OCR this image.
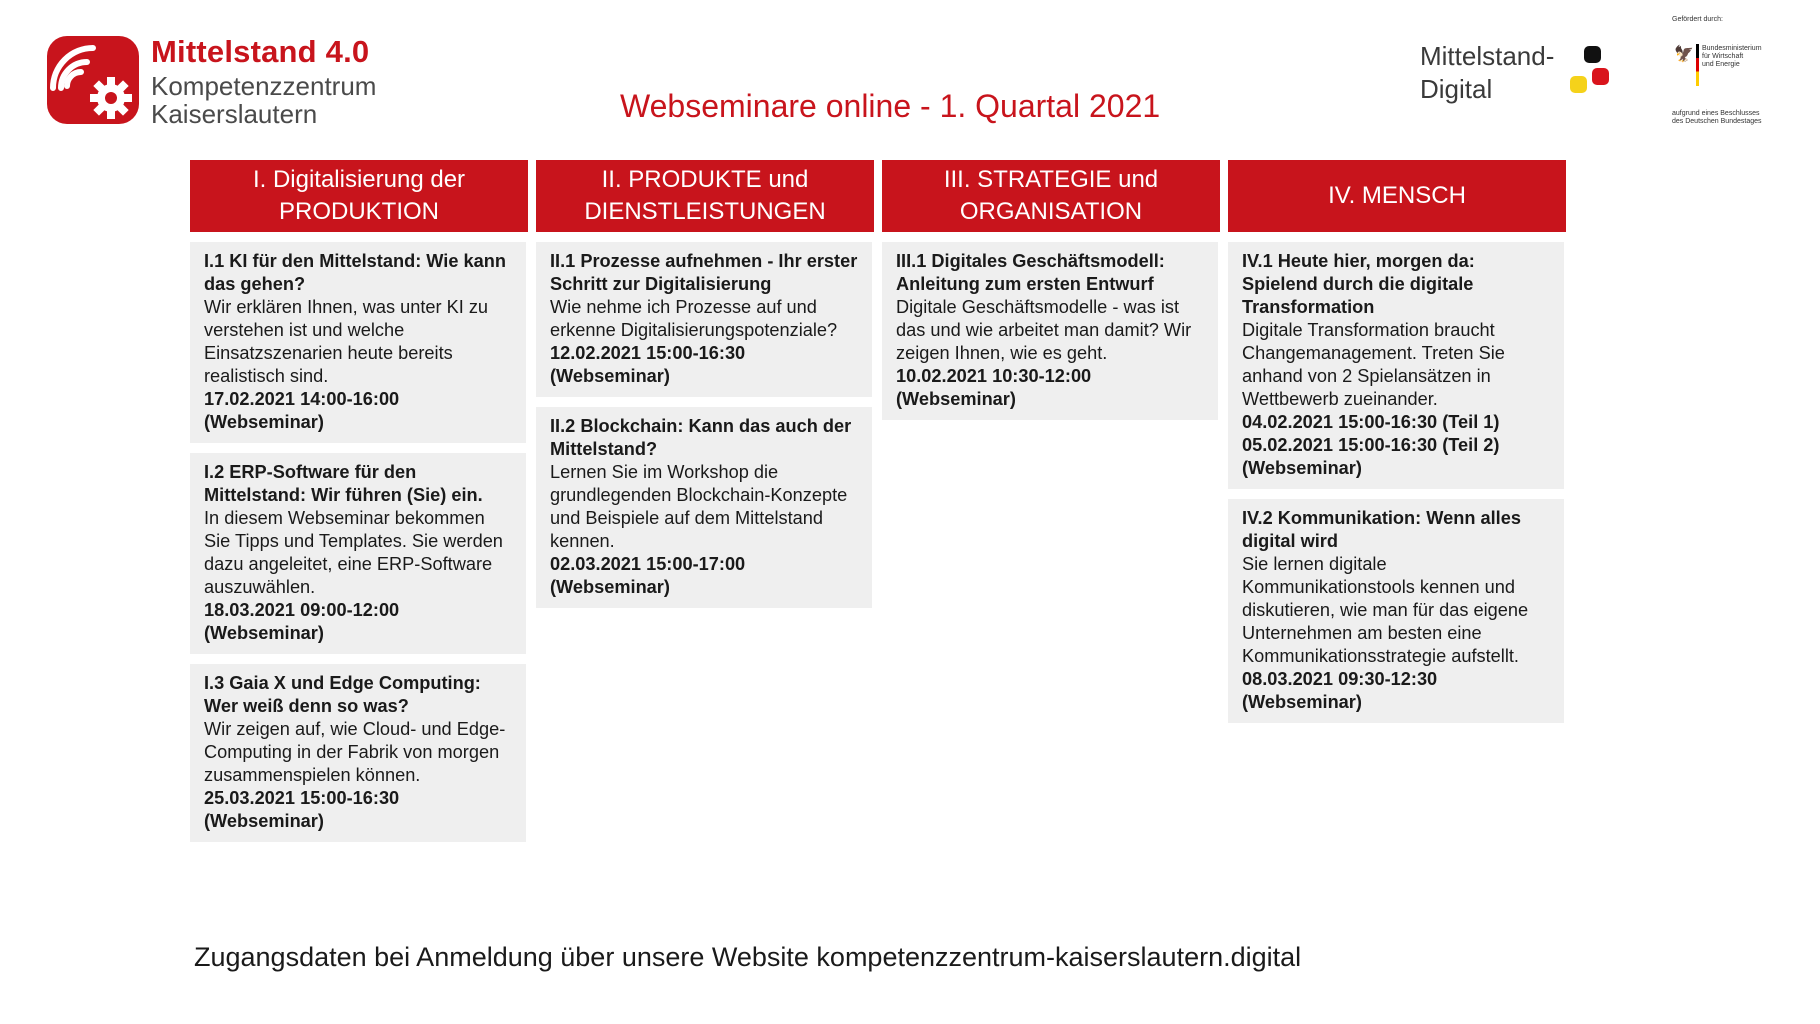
Mittelstand 4.0
Kompetenzzentrum
Kaiserslautern	Webseminare online - 1. Quartal 2021
Mittelstand-
Digital
Gefördert durch:
🦅 Bundesministerium
für Wirtschaft
und Energie
aufgrund eines Beschlusses
des Deutschen Bundestages
I. Digitalisierung der
PRODUKTION
I.1 KI für den Mittelstand: Wie kann das gehen?
Wir erklären Ihnen, was unter KI zu verstehen ist und welche Einsatzszenarien heute bereits realistisch sind.
17.02.2021 14:00-16:00
(Webseminar)
I.2 ERP-Software für den Mittelstand: Wir führen (Sie) ein.
In diesem Webseminar bekommen Sie Tipps und Templates. Sie werden dazu angeleitet, eine ERP-Software auszuwählen.
18.03.2021 09:00-12:00
(Webseminar)
I.3 Gaia X und Edge Computing: Wer weiß denn so was?
Wir zeigen auf, wie Cloud- und Edge-Computing in der Fabrik von morgen zusammenspielen können.
25.03.2021 15:00-16:30
(Webseminar)
II. PRODUKTE und
DIENSTLEISTUNGEN
II.1 Prozesse aufnehmen - Ihr erster Schritt zur Digitalisierung
Wie nehme ich Prozesse auf und erkenne Digitalisierungspotenziale?
12.02.2021 15:00-16:30
(Webseminar)
II.2 Blockchain: Kann das auch der Mittelstand?
Lernen Sie im Workshop die grundlegenden Blockchain-Konzepte und Beispiele auf dem Mittelstand kennen.
02.03.2021 15:00-17:00
(Webseminar)
III. STRATEGIE und
ORGANISATION
III.1 Digitales Geschäftsmodell: Anleitung zum ersten Entwurf
Digitale Geschäftsmodelle - was ist das und wie arbeitet man damit? Wir zeigen Ihnen, wie es geht.
10.02.2021 10:30-12:00
(Webseminar)
IV. MENSCH
IV.1 Heute hier, morgen da: Spielend durch die digitale Transformation
Digitale Transformation braucht Changemanagement. Treten Sie anhand von 2 Spielansätzen in Wettbewerb zueinander.
04.02.2021 15:00-16:30 (Teil 1)
05.02.2021 15:00-16:30 (Teil 2)
(Webseminar)
IV.2 Kommunikation: Wenn alles digital wird
Sie lernen digitale Kommunikationstools kennen und diskutieren, wie man für das eigene Unternehmen am besten eine Kommunikationsstrategie aufstellt.
08.03.2021 09:30-12:30
(Webseminar)
Zugangsdaten bei Anmeldung über unsere Website kompetenzzentrum-kaiserslautern.digital
